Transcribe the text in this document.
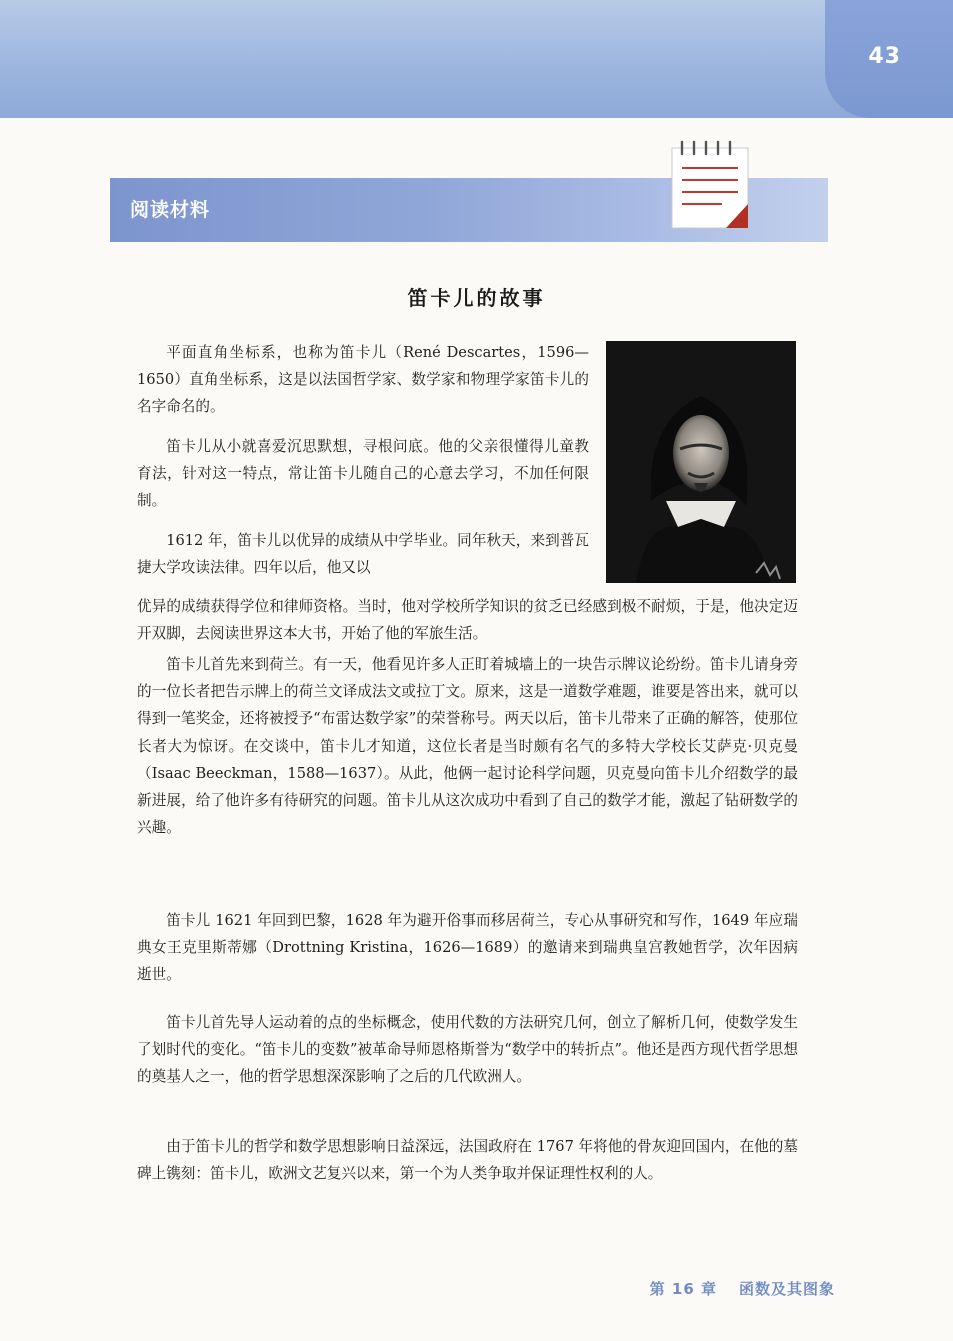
43
阅读材料
笛卡儿的故事

平面直角坐标系，也称为笛卡儿（René Descartes，1596—1650）直角坐标系，这是以法国哲学家、数学家和物理学家笛卡儿的名字命名的。

笛卡儿从小就喜爱沉思默想，寻根问底。他的父亲很懂得儿童教育法，针对这一特点，常让笛卡儿随自己的心意去学习，不加任何限制。

1612 年，笛卡儿以优异的成绩从中学毕业。同年秋天，来到普瓦捷大学攻读法律。四年以后，他又以

优异的成绩获得学位和律师资格。当时，他对学校所学知识的贫乏已经感到极不耐烦，于是，他决定迈开双脚，去阅读世界这本大书，开始了他的军旅生活。

笛卡儿首先来到荷兰。有一天，他看见许多人正盯着城墙上的一块告示牌议论纷纷。笛卡儿请身旁的一位长者把告示牌上的荷兰文译成法文或拉丁文。原来，这是一道数学难题，谁要是答出来，就可以得到一笔奖金，还将被授予“布雷达数学家”的荣誉称号。两天以后，笛卡儿带来了正确的解答，使那位长者大为惊讶。在交谈中，笛卡儿才知道，这位长者是当时颇有名气的多特大学校长艾萨克·贝克曼（Isaac Beeckman，1588—1637）。从此，他俩一起讨论科学问题，贝克曼向笛卡儿介绍数学的最新进展，给了他许多有待研究的问题。笛卡儿从这次成功中看到了自己的数学才能，激起了钻研数学的兴趣。

笛卡儿 1621 年回到巴黎，1628 年为避开俗事而移居荷兰，专心从事研究和写作，1649 年应瑞典女王克里斯蒂娜（Drottning Kristina，1626—1689）的邀请来到瑞典皇宫教她哲学，次年因病逝世。

笛卡儿首先导人运动着的点的坐标概念，使用代数的方法研究几何，创立了解析几何，使数学发生了划时代的变化。“笛卡儿的变数”被革命导师恩格斯誉为“数学中的转折点”。他还是西方现代哲学思想的奠基人之一，他的哲学思想深深影响了之后的几代欧洲人。

由于笛卡儿的哲学和数学思想影响日益深远，法国政府在 1767 年将他的骨灰迎回国内，在他的墓碑上镌刻：笛卡儿，欧洲文艺复兴以来，第一个为人类争取并保证理性权利的人。

第 16 章 函数及其图象
